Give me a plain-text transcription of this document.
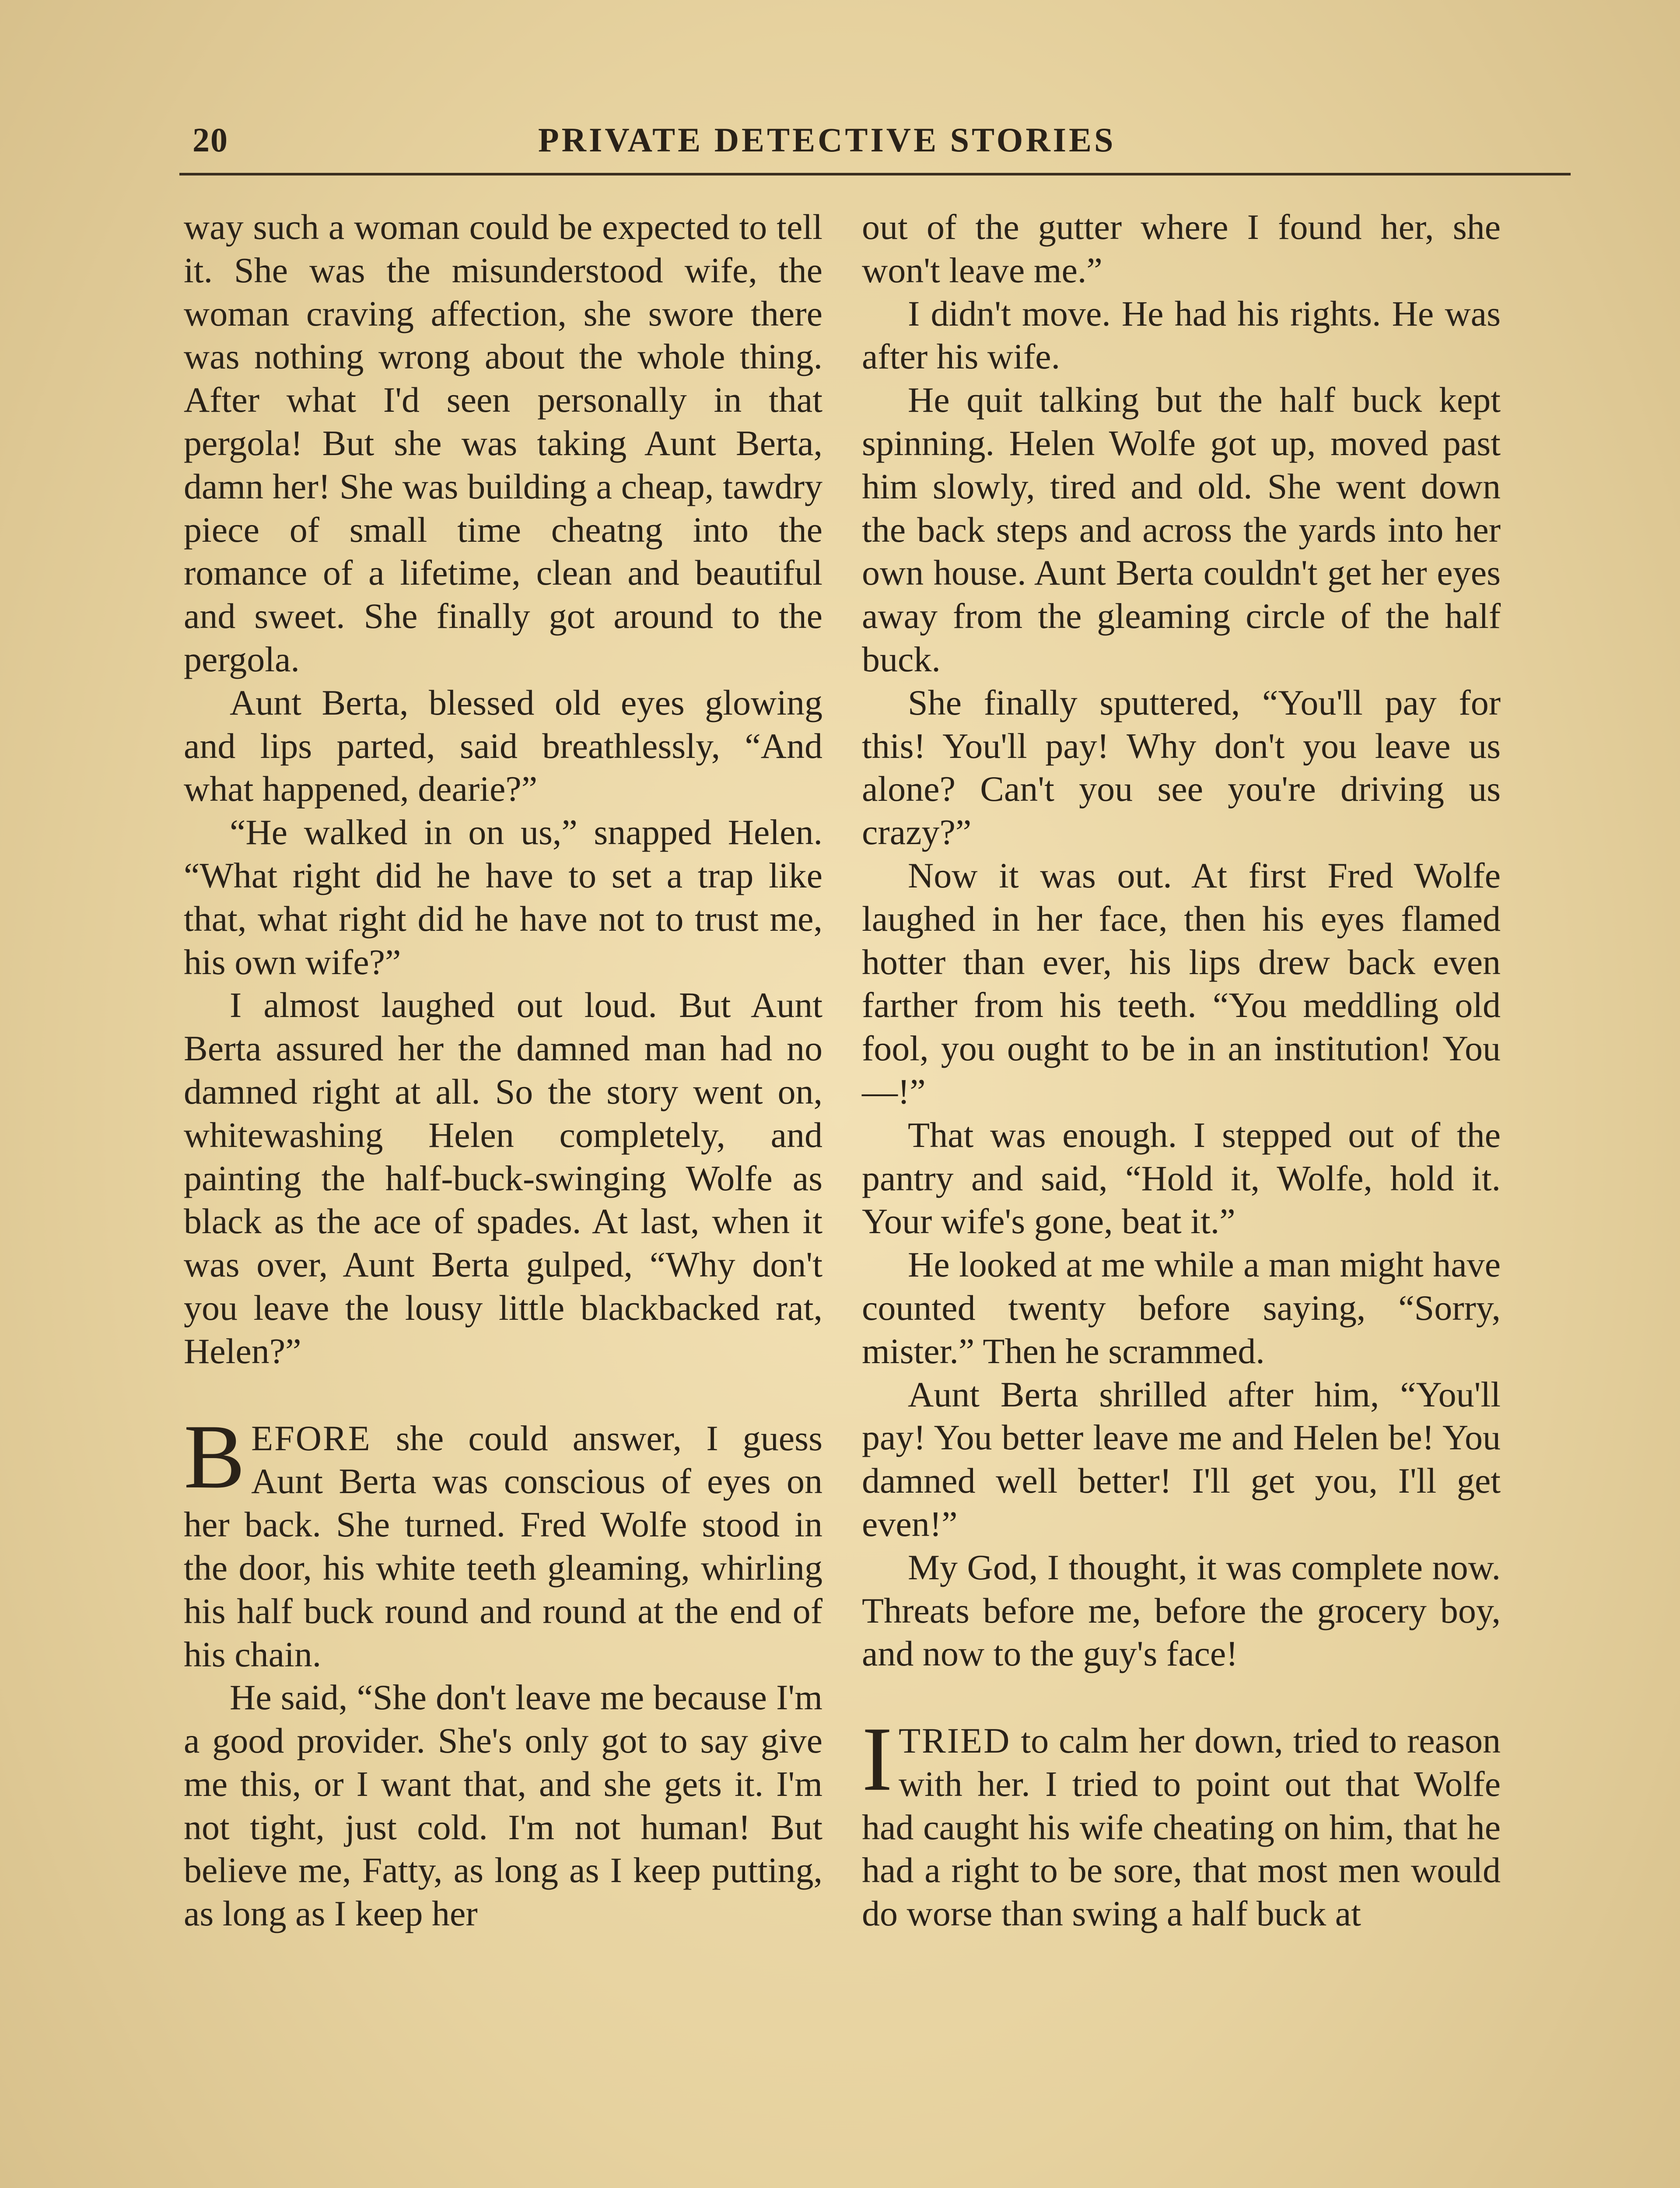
20	PRIVATE DETECTIVE STORIES

way such a woman could be expected to tell it. She was the misunderstood wife, the woman craving affection, she swore there was nothing wrong about the whole thing. After what I'd seen personally in that pergola! But she was taking Aunt Berta, damn her! She was building a cheap, tawdry piece of small time cheatng into the romance of a lifetime, clean and beautiful and sweet. She finally got around to the pergola.

Aunt Berta, blessed old eyes glowing and lips parted, said breathlessly, “And what happened, dearie?”

“He walked in on us,” snapped Helen. “What right did he have to set a trap like that, what right did he have not to trust me, his own wife?”

I almost laughed out loud. But Aunt Berta assured her the damned man had no damned right at all. So the story went on, whitewashing Helen completely, and painting the half-buck-swinging Wolfe as black as the ace of spades. At last, when it was over, Aunt Berta gulped, “Why don't you leave the lousy little blackbacked rat, Helen?”

BEFORE she could answer, I guess Aunt Berta was conscious of eyes on her back. She turned. Fred Wolfe stood in the door, his white teeth gleaming, whirling his half buck round and round at the end of his chain.

He said, “She don't leave me because I'm a good provider. She's only got to say give me this, or I want that, and she gets it. I'm not tight, just cold. I'm not human! But believe me, Fatty, as long as I keep putting, as long as I keep her

out of the gutter where I found her, she won't leave me.”

I didn't move. He had his rights. He was after his wife.

He quit talking but the half buck kept spinning. Helen Wolfe got up, moved past him slowly, tired and old. She went down the back steps and across the yards into her own house. Aunt Berta couldn't get her eyes away from the gleaming circle of the half buck.

She finally sputtered, “You'll pay for this! You'll pay! Why don't you leave us alone? Can't you see you're driving us crazy?”

Now it was out. At first Fred Wolfe laughed in her face, then his eyes flamed hotter than ever, his lips drew back even farther from his teeth. “You meddling old fool, you ought to be in an institution! You—!”

That was enough. I stepped out of the pantry and said, “Hold it, Wolfe, hold it. Your wife's gone, beat it.”

He looked at me while a man might have counted twenty before saying, “Sorry, mister.” Then he scrammed.

Aunt Berta shrilled after him, “You'll pay! You better leave me and Helen be! You damned well better! I'll get you, I'll get even!”

My God, I thought, it was complete now. Threats before me, before the grocery boy, and now to the guy's face!

ITRIED to calm her down, tried to reason with her. I tried to point out that Wolfe had caught his wife cheating on him, that he had a right to be sore, that most men would do worse than swing a half buck at
